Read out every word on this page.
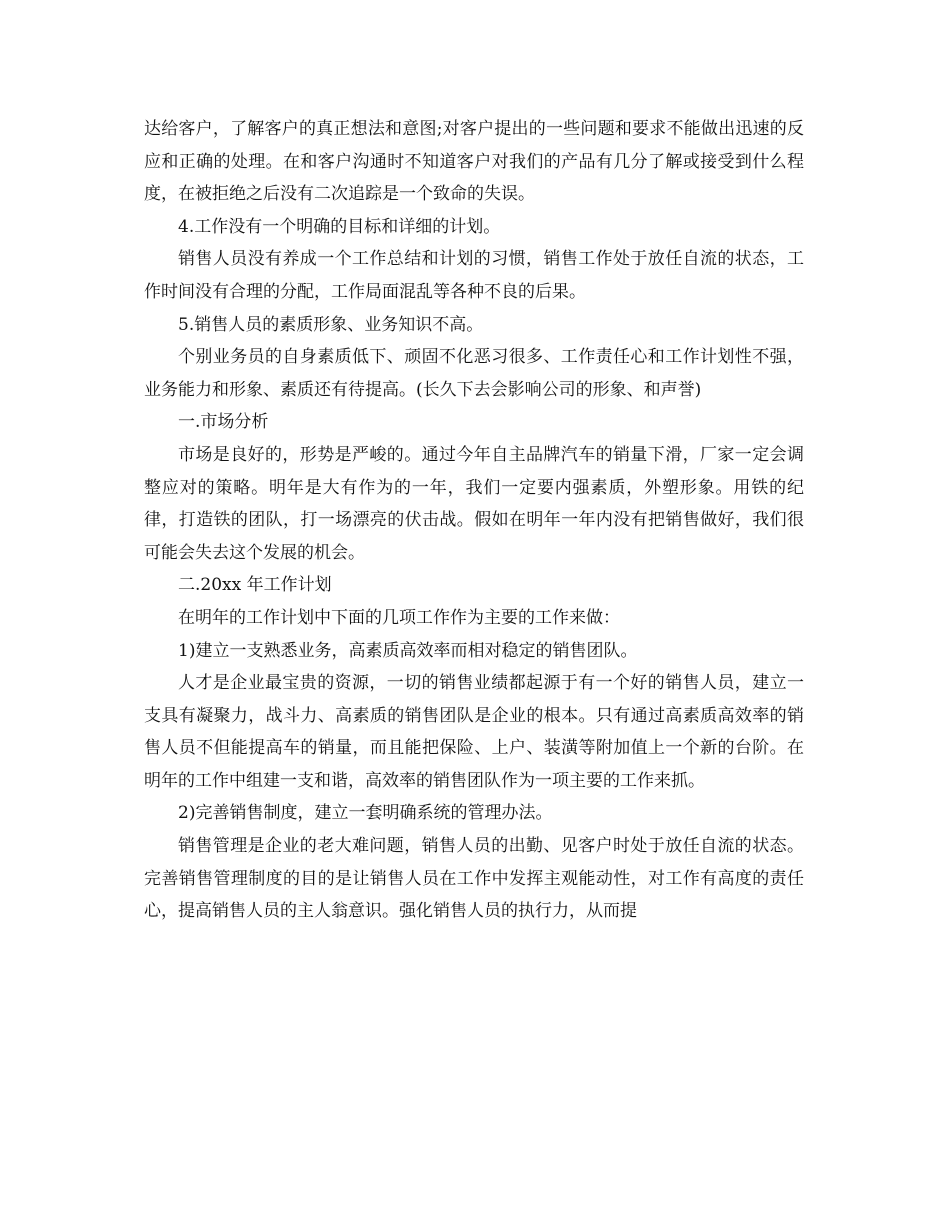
达给客户，了解客户的真正想法和意图;对客户提出的一些问题和要求不能做出迅速的反应和正确的处理。在和客户沟通时不知道客户对我们的产品有几分了解或接受到什么程度，在被拒绝之后没有二次追踪是一个致命的失误。

4.工作没有一个明确的目标和详细的计划。

销售人员没有养成一个工作总结和计划的习惯，销售工作处于放任自流的状态，工作时间没有合理的分配，工作局面混乱等各种不良的后果。

5.销售人员的素质形象、业务知识不高。

个别业务员的自身素质低下、顽固不化恶习很多、工作责任心和工作计划性不强，业务能力和形象、素质还有待提高。(长久下去会影响公司的形象、和声誉)

一.市场分析

市场是良好的，形势是严峻的。通过今年自主品牌汽车的销量下滑，厂家一定会调整应对的策略。明年是大有作为的一年，我们一定要内强素质，外塑形象。用铁的纪律，打造铁的团队，打一场漂亮的伏击战。假如在明年一年内没有把销售做好，我们很可能会失去这个发展的机会。

二.20xx 年工作计划

在明年的工作计划中下面的几项工作作为主要的工作来做：

1)建立一支熟悉业务，高素质高效率而相对稳定的销售团队。

人才是企业最宝贵的资源，一切的销售业绩都起源于有一个好的销售人员，建立一支具有凝聚力，战斗力、高素质的销售团队是企业的根本。只有通过高素质高效率的销售人员不但能提高车的销量，而且能把保险、上户、装潢等附加值上一个新的台阶。在明年的工作中组建一支和谐，高效率的销售团队作为一项主要的工作来抓。

2)完善销售制度，建立一套明确系统的管理办法。

销售管理是企业的老大难问题，销售人员的出勤、见客户时处于放任自流的状态。完善销售管理制度的目的是让销售人员在工作中发挥主观能动性，对工作有高度的责任心，提高销售人员的主人翁意识。强化销售人员的执行力，从而提
